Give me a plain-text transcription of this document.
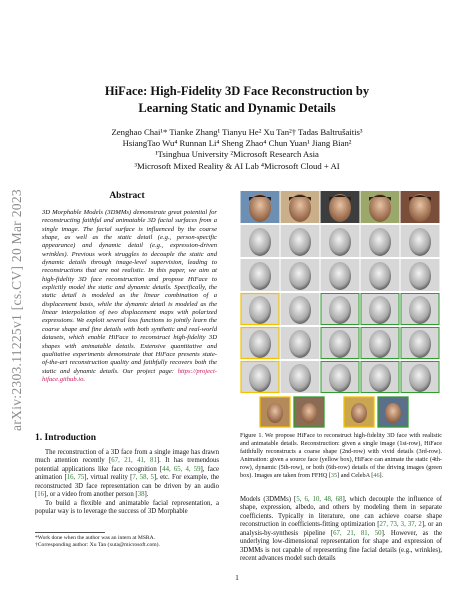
arXiv:2303.11225v1 [cs.CV] 20 Mar 2023
HiFace: High-Fidelity 3D Face Reconstruction by
Learning Static and Dynamic Details
Zenghao Chai¹* Tianke Zhang¹ Tianyu He² Xu Tan²† Tadas Baltrušaitis³
HsiangTao Wu⁴ Runnan Li⁴ Sheng Zhao⁴ Chun Yuan¹ Jiang Bian²
¹Tsinghua University ²Microsoft Research Asia
³Microsoft Mixed Reality & AI Lab ⁴Microsoft Cloud + AI
Abstract
3D Morphable Models (3DMMs) demonstrate great potential for reconstructing faithful and animatable 3D facial surfaces from a single image. The facial surface is influenced by the coarse shape, as well as the static detail (e.g., person-specific appearance) and dynamic detail (e.g., expression-driven wrinkles). Previous work struggles to decouple the static and dynamic details through image-level supervision, leading to reconstructions that are not realistic. In this paper, we aim at high-fidelity 3D face reconstruction and propose HiFace to explicitly model the static and dynamic details. Specifically, the static detail is modeled as the linear combination of a displacement basis, while the dynamic detail is modeled as the linear interpolation of two displacement maps with polarized expressions. We exploit several loss functions to jointly learn the coarse shape and fine details with both synthetic and real-world datasets, which enable HiFace to reconstruct high-fidelity 3D shapes with animatable details. Extensive quantitative and qualitative experiments demonstrate that HiFace presents state-of-the-art reconstruction quality and faithfully recovers both the static and dynamic details. Our project page: https://project-hiface.github.io.
1. Introduction

The reconstruction of a 3D face from a single image has drawn much attention recently [67, 21, 41, 81]. It has tremendous potential applications like face recognition [44, 65, 4, 59], face animation [16, 75], virtual reality [7, 58, 5], etc. For example, the reconstructed 3D face representation can be driven by an audio [16], or a video from another person [38].

To build a flexible and animatable facial representation, a popular way is to leverage the success of 3D Morphable

*Work done when the author was an intern at MSRA.
†Corresponding author: Xu Tan (xuta@microsoft.com).
Figure 1. We propose HiFace to reconstruct high-fidelity 3D face with realistic and animatable details. Reconstruction: given a single image (1st-row), HiFace faithfully reconstructs a coarse shape (2nd-row) with vivid details (3rd-row). Animation: given a source face (yellow box), HiFace can animate the static (4th-row), dynamic (5th-row), or both (6th-row) details of the driving images (green box). Images are taken from FFHQ [35] and CelebA [46].
Models (3DMMs) [5, 6, 10, 48, 68], which decouple the influence of shape, expression, albedo, and others by modeling them in separate coefficients. Typically in literature, one can achieve coarse shape reconstruction in coefficients-fitting optimization [27, 73, 3, 37, 2], or an analysis-by-synthesis pipeline [67, 21, 81, 50]. However, as the underlying low-dimensional representation for shape and expression of 3DMMs is not capable of representing fine facial details (e.g., wrinkles), recent advances model such details
1
